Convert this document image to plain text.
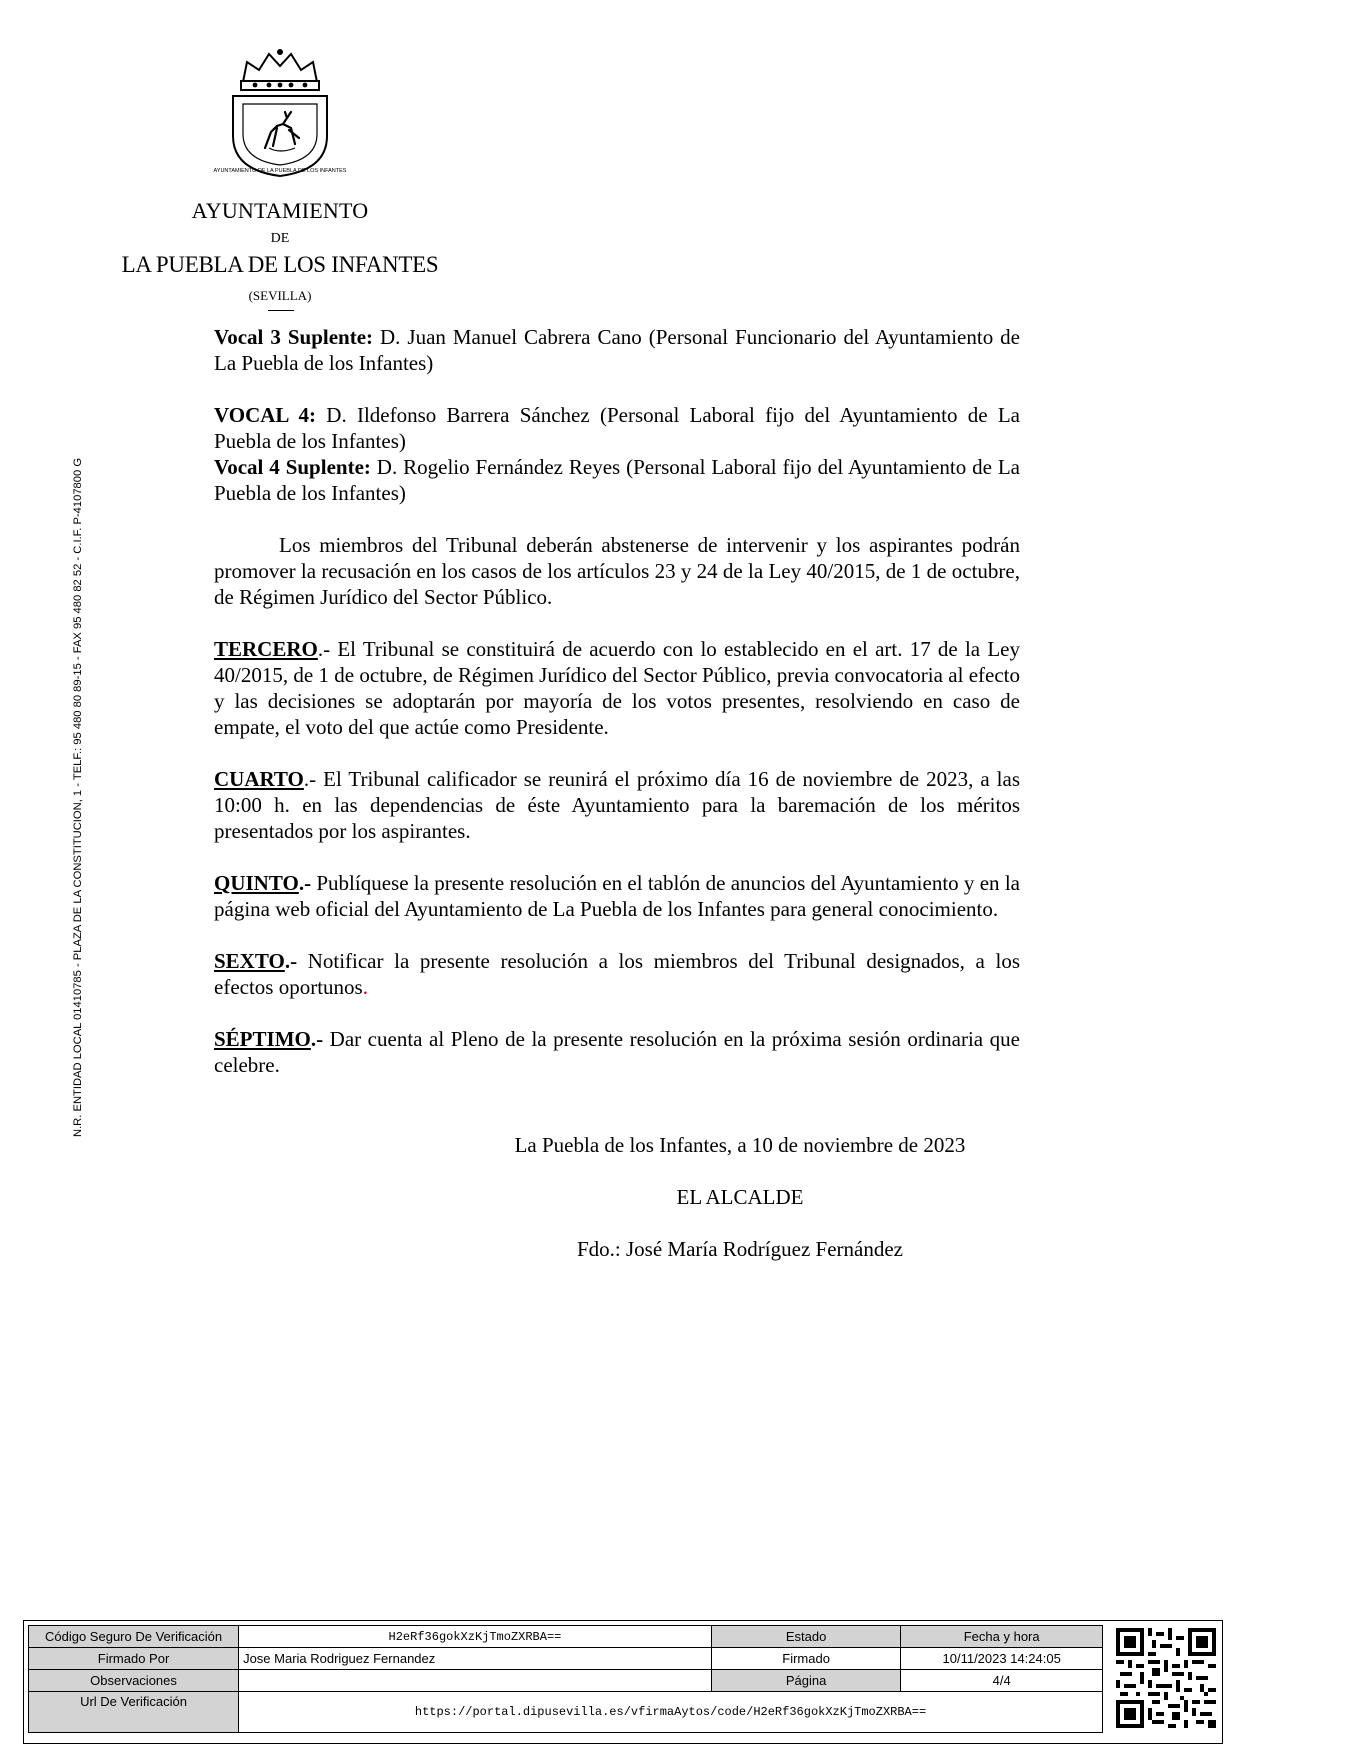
AYUNTAMIENTO DE LA PUEBLA DE LOS INFANTES
AYUNTAMIENTO
DE
LA PUEBLA DE LOS INFANTES
(SEVILLA)
N.R. ENTIDAD LOCAL 01410785 - PLAZA DE LA CONSTITUCION, 1 - TELF.: 95 480 80 89-15 - FAX 95 480 82 52 - C.I.F. P-4107800 G

Vocal 3 Suplente: D. Juan Manuel Cabrera Cano (Personal Funcionario del Ayuntamiento de La Puebla de los Infantes)

VOCAL 4: D. Ildefonso Barrera Sánchez (Personal Laboral fijo del Ayuntamiento de La Puebla de los Infantes)

Vocal 4 Suplente: D. Rogelio Fernández Reyes (Personal Laboral fijo del Ayuntamiento de La Puebla de los Infantes)

Los miembros del Tribunal deberán abstenerse de intervenir y los aspirantes podrán promover la recusación en los casos de los artículos 23 y 24 de la Ley 40/2015, de 1 de octubre, de Régimen Jurídico del Sector Público.

TERCERO.- El Tribunal se constituirá de acuerdo con lo establecido en el art. 17 de la Ley 40/2015, de 1 de octubre, de Régimen Jurídico del Sector Público, previa convocatoria al efecto y las decisiones se adoptarán por mayoría de los votos presentes, resolviendo en caso de empate, el voto del que actúe como Presidente.

CUARTO.- El Tribunal calificador se reunirá el próximo día 16 de noviembre de 2023, a las 10:00 h. en las dependencias de éste Ayuntamiento para la baremación de los méritos presentados por los aspirantes.

QUINTO.- Publíquese la presente resolución en el tablón de anuncios del Ayuntamiento y en la página web oficial del Ayuntamiento de La Puebla de los Infantes para general conocimiento.

SEXTO.- Notificar la presente resolución a los miembros del Tribunal designados, a los efectos oportunos.

SÉPTIMO.- Dar cuenta al Pleno de la presente resolución en la próxima sesión ordinaria que celebre.

La Puebla de los Infantes, a 10 de noviembre de 2023
EL ALCALDE
Fdo.: José María Rodríguez Fernández
Código Seguro De Verificación	H2eRf36gokXzKjTmoZXRBA==	Estado	Fecha y hora
Firmado Por	Jose Maria Rodriguez Fernandez	Firmado	10/11/2023 14:24:05
Observaciones		Página	4/4
Url De Verificación	https://portal.dipusevilla.es/vfirmaAytos/code/H2eRf36gokXzKjTmoZXRBA==		
